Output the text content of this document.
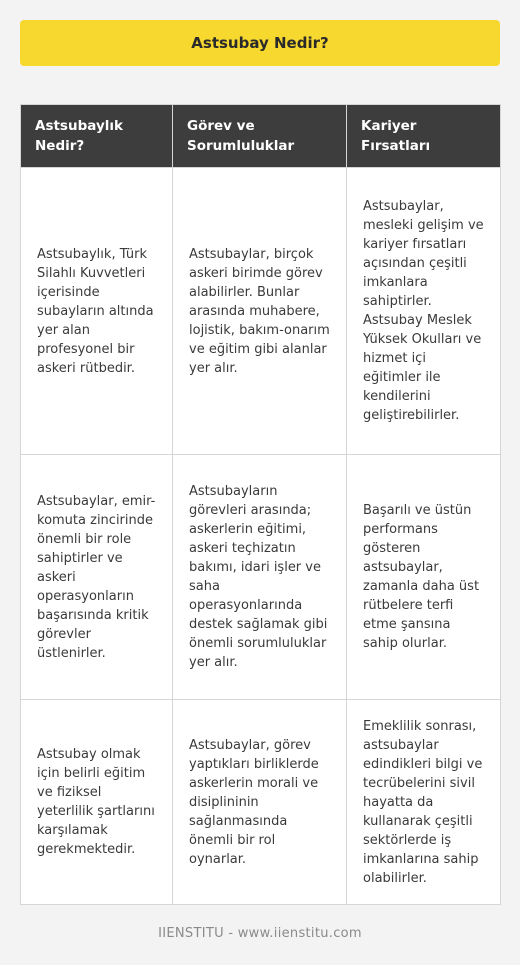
Astsubay Nedir?
Astsubaylık Nedir?	Görev ve Sorumluluklar	Kariyer Fırsatları
Astsubaylık, Türk Silahlı Kuvvetleri içerisinde subayların altında yer alan profesyonel bir askeri rütbedir.	Astsubaylar, birçok askeri birimde görev alabilirler. Bunlar arasında muhabere, lojistik, bakım-onarım ve eğitim gibi alanlar yer alır.	Astsubaylar, mesleki gelişim ve kariyer fırsatları açısından çeşitli imkanlara sahiptirler. Astsubay Meslek Yüksek Okulları ve hizmet içi eğitimler ile kendilerini geliştirebilirler.
Astsubaylar, emir-komuta zincirinde önemli bir role sahiptirler ve askeri operasyonların başarısında kritik görevler üstlenirler.	Astsubayların görevleri arasında; askerlerin eğitimi, askeri teçhizatın bakımı, idari işler ve saha operasyonlarında destek sağlamak gibi önemli sorumluluklar yer alır.	Başarılı ve üstün performans gösteren astsubaylar, zamanla daha üst rütbelere terfi etme şansına sahip olurlar.
Astsubay olmak için belirli eğitim ve fiziksel yeterlilik şartlarını karşılamak gerekmektedir.	Astsubaylar, görev yaptıkları birliklerde askerlerin morali ve disiplininin sağlanmasında önemli bir rol oynarlar.	Emeklilik sonrası, astsubaylar edindikleri bilgi ve tecrübelerini sivil hayatta da kullanarak çeşitli sektörlerde iş imkanlarına sahip olabilirler.
IIENSTITU - www.iienstitu.com
